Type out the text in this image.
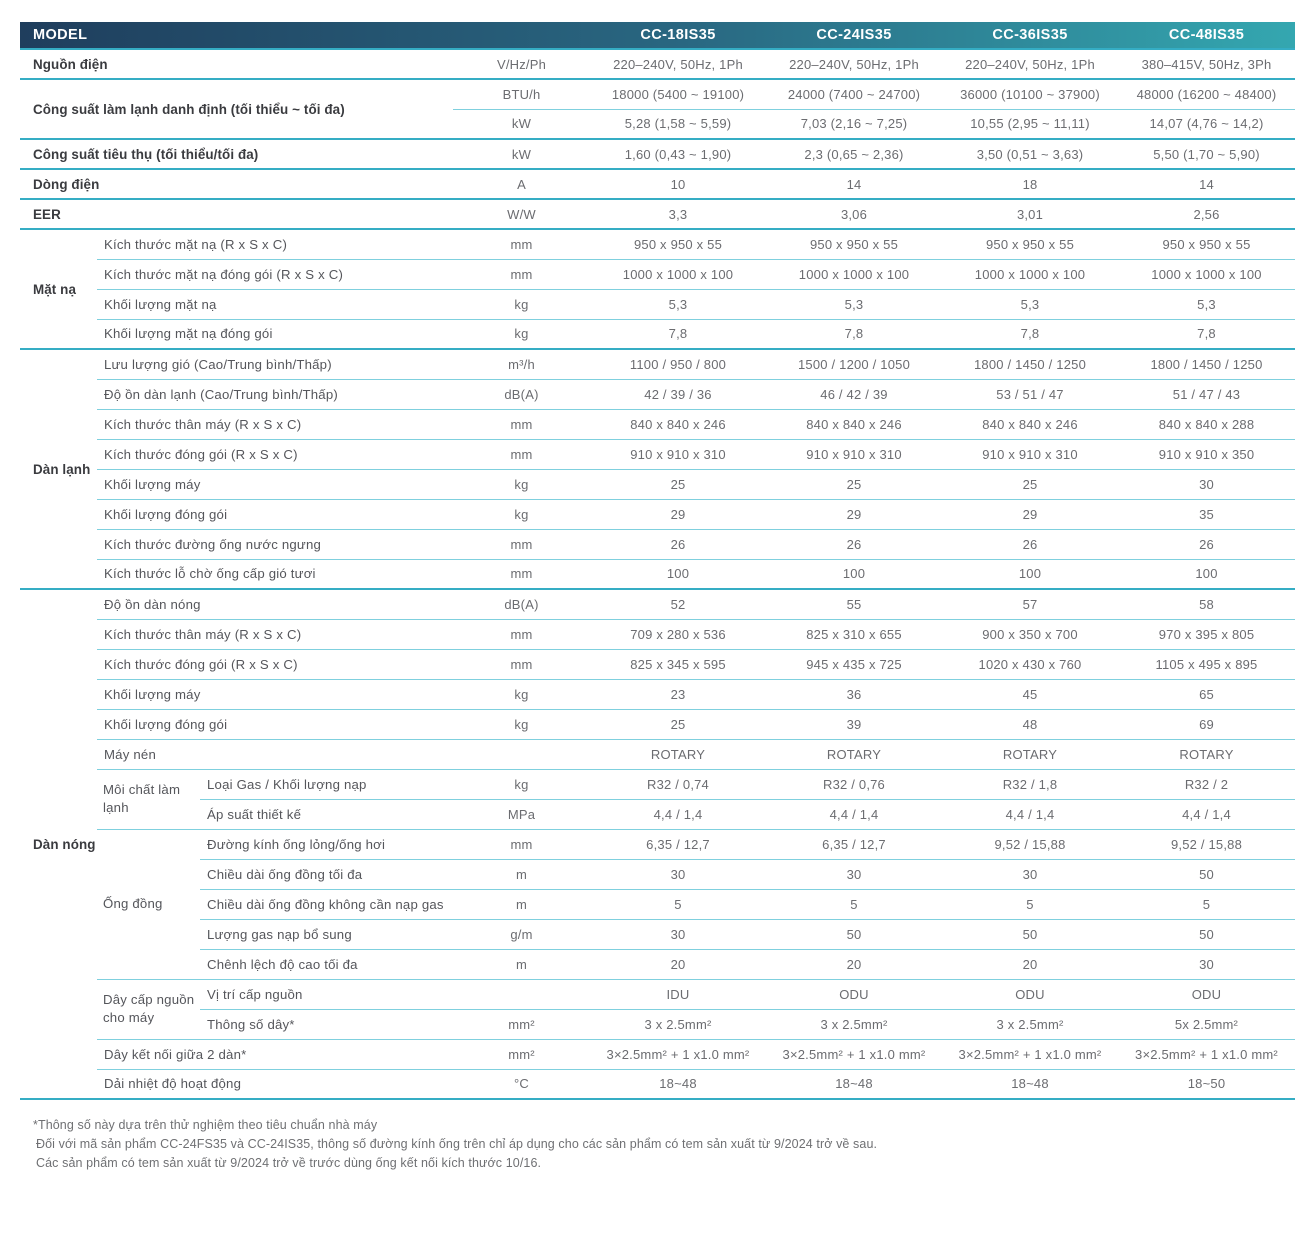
MODEL				CC-18IS35	CC-24IS35	CC-36IS35	CC-48IS35
Nguồn điện			V/Hz/Ph	220–240V, 50Hz, 1Ph	220–240V, 50Hz, 1Ph	220–240V, 50Hz, 1Ph	380–415V, 50Hz, 3Ph
Công suất làm lạnh danh định (tối thiểu ~ tối đa)			BTU/h	18000 (5400 ~ 19100)	24000 (7400 ~ 24700)	36000 (10100 ~ 37900)	48000 (16200 ~ 48400)
			kW	5,28 (1,58 ~ 5,59)	7,03 (2,16 ~ 7,25)	10,55 (2,95 ~ 11,11)	14,07 (4,76 ~ 14,2)
Công suất tiêu thụ (tối thiểu/tối đa)			kW	1,60 (0,43 ~ 1,90)	2,3 (0,65 ~ 2,36)	3,50 (0,51 ~ 3,63)	5,50 (1,70 ~ 5,90)
Dòng điện			A	10	14	18	14
EER			W/W	3,3	3,06	3,01	2,56
Mặt nạ	Kích thước mặt nạ (R x S x C)		mm	950 x 950 x 55	950 x 950 x 55	950 x 950 x 55	950 x 950 x 55
	Kích thước mặt nạ đóng gói (R x S x C)		mm	1000 x 1000 x 100	1000 x 1000 x 100	1000 x 1000 x 100	1000 x 1000 x 100
	Khối lượng mặt nạ		kg	5,3	5,3	5,3	5,3
	Khối lượng mặt nạ đóng gói		kg	7,8	7,8	7,8	7,8
Dàn lạnh	Lưu lượng gió (Cao/Trung bình/Thấp)		m³/h	1100 / 950 / 800	1500 / 1200 / 1050	1800 / 1450 / 1250	1800 / 1450 / 1250
	Độ ồn dàn lạnh (Cao/Trung bình/Thấp)		dB(A)	42 / 39 / 36	46 / 42 / 39	53 / 51 / 47	51 / 47 / 43
	Kích thước thân máy (R x S x C)		mm	840 x 840 x 246	840 x 840 x 246	840 x 840 x 246	840 x 840 x 288
	Kích thước đóng gói (R x S x C)		mm	910 x 910 x 310	910 x 910 x 310	910 x 910 x 310	910 x 910 x 350
	Khối lượng máy		kg	25	25	25	30
	Khối lượng đóng gói		kg	29	29	29	35
	Kích thước đường ống nước ngưng		mm	26	26	26	26
	Kích thước lỗ chờ ống cấp gió tươi		mm	100	100	100	100
Dàn nóng	Độ ồn dàn nóng		dB(A)	52	55	57	58
	Kích thước thân máy (R x S x C)		mm	709 x 280 x 536	825 x 310 x 655	900 x 350 x 700	970 x 395 x 805
	Kích thước đóng gói (R x S x C)		mm	825 x 345 x 595	945 x 435 x 725	1020 x 430 x 760	1105 x 495 x 895
	Khối lượng máy		kg	23	36	45	65
	Khối lượng đóng gói		kg	25	39	48	69
	Máy nén			ROTARY	ROTARY	ROTARY	ROTARY
	Môi chất làm lạnh	Loại Gas / Khối lượng nạp	kg	R32 / 0,74	R32 / 0,76	R32 / 1,8	R32 / 2
		Áp suất thiết kế	MPa	4,4 / 1,4	4,4 / 1,4	4,4 / 1,4	4,4 / 1,4
	Ống đồng	Đường kính ống lỏng/ống hơi	mm	6,35 / 12,7	6,35 / 12,7	9,52 / 15,88	9,52 / 15,88
		Chiều dài ống đồng tối đa	m	30	30	30	50
		Chiều dài ống đồng không cần nạp gas	m	5	5	5	5
		Lượng gas nạp bổ sung	g/m	30	50	50	50
		Chênh lệch độ cao tối đa	m	20	20	20	30
	Dây cấp nguồn cho máy	Vị trí cấp nguồn		IDU	ODU	ODU	ODU
		Thông số dây*	mm²	3 x 2.5mm²	3 x 2.5mm²	3 x 2.5mm²	5x 2.5mm²
	Dây kết nối giữa 2 dàn*		mm²	3×2.5mm² + 1 x1.0 mm²	3×2.5mm² + 1 x1.0 mm²	3×2.5mm² + 1 x1.0 mm²	3×2.5mm² + 1 x1.0 mm²
	Dải nhiệt độ hoạt động		°C	18~48	18~48	18~48	18~50
*Thông số này dựa trên thử nghiệm theo tiêu chuẩn nhà máy
Đối với mã sản phẩm CC-24FS35 và CC-24IS35, thông số đường kính ống trên chỉ áp dụng cho các sản phẩm có tem sản xuất từ 9/2024 trở về sau.
Các sản phẩm có tem sản xuất từ 9/2024 trở về trước dùng ống kết nối kích thước 10/16.
